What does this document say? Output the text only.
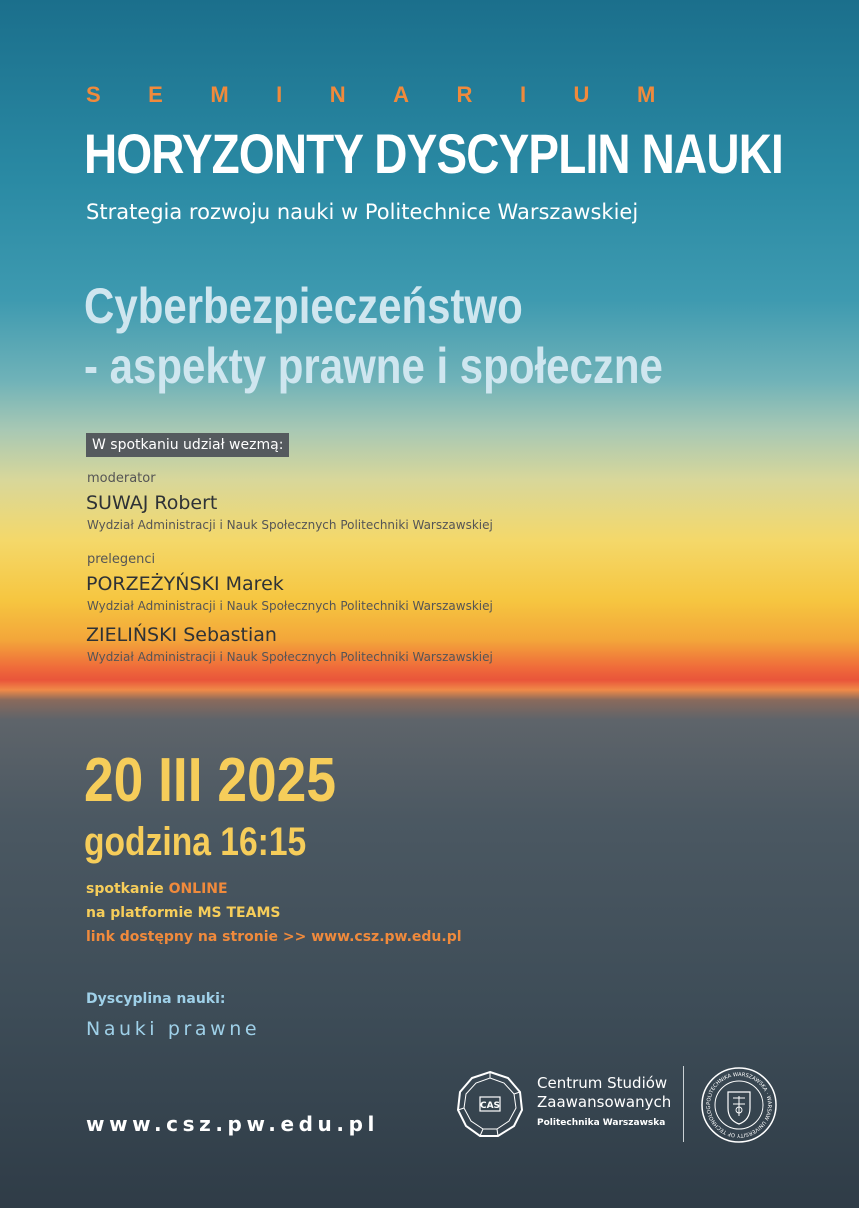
SEMINARIUM
HORYZONTY DYSCYPLIN NAUKI
Strategia rozwoju nauki w Politechnice Warszawskiej
Cyberbezpieczeństwo
- aspekty prawne i społeczne
W spotkaniu udział wezmą:
moderator
SUWAJ Robert
Wydział Administracji i Nauk Społecznych Politechniki Warszawskiej
prelegenci
PORZEŻYŃSKI Marek
Wydział Administracji i Nauk Społecznych Politechniki Warszawskiej
ZIELIŃSKI Sebastian
Wydział Administracji i Nauk Społecznych Politechniki Warszawskiej
20 III 2025
godzina 16:15
spotkanie ONLINE
na platformie MS TEAMS
link dostępny na stronie >> www.csz.pw.edu.pl
Dyscyplina nauki:
Nauki prawne
www.csz.pw.edu.pl
CAS
Centrum Studiów
Zaawansowanych
Politechnika Warszawska
POLITECHNIKA WARSZAWSKA · WARSAW UNIVERSITY OF TECHNOLOG
